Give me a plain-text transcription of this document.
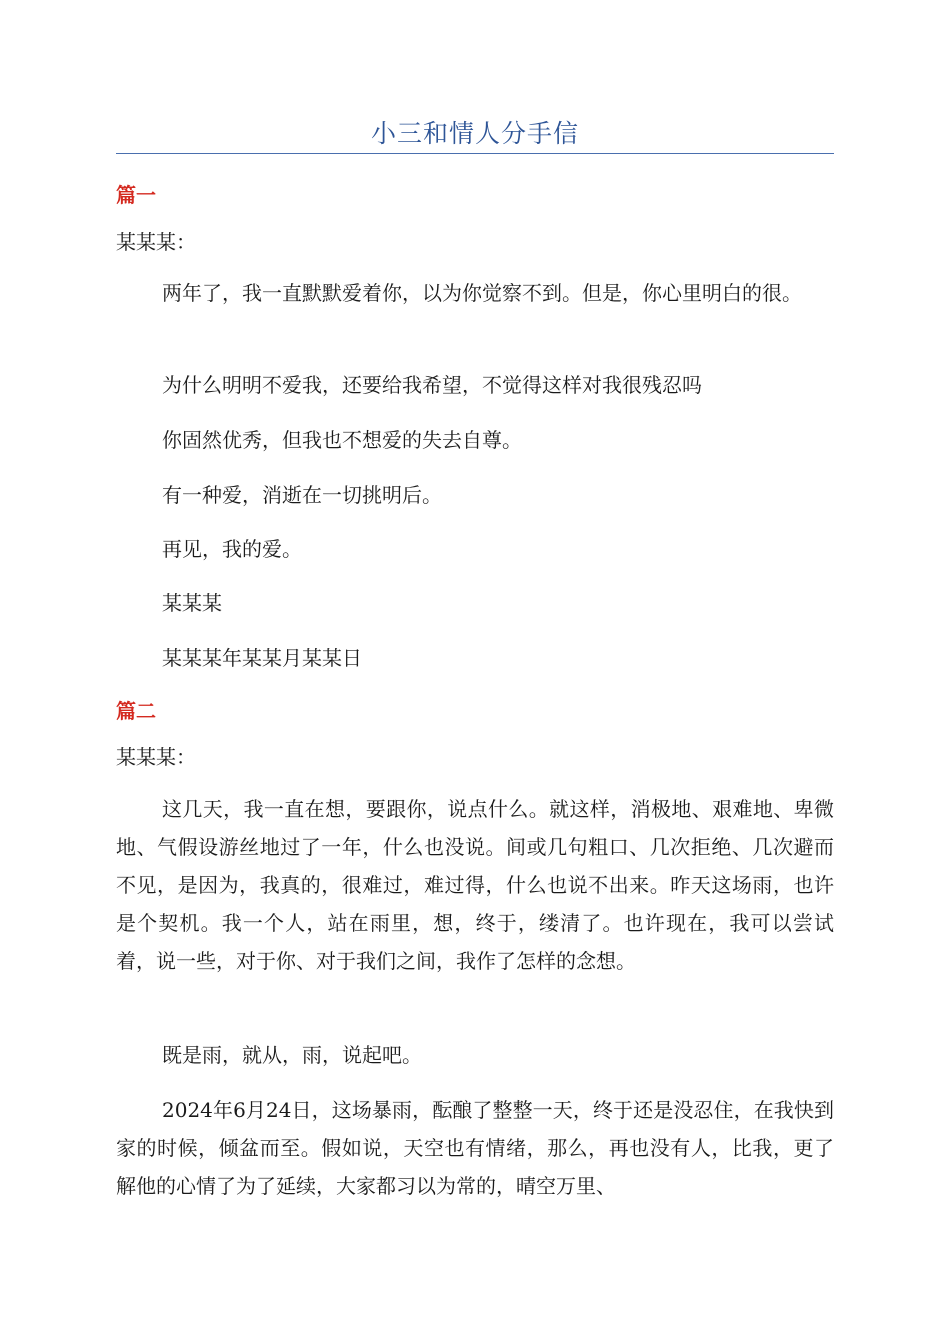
小三和情人分手信
篇一
某某某：

两年了，我一直默默爱着你，以为你觉察不到。但是，你心里明白的很。

为什么明明不爱我，还要给我希望，不觉得这样对我很残忍吗

你固然优秀，但我也不想爱的失去自尊。

有一种爱，消逝在一切挑明后。

再见，我的爱。

某某某
某某某年某某月某某日
篇二
某某某：

这几天，我一直在想，要跟你，说点什么。就这样，消极地、艰难地、卑微地、气假设游丝地过了一年，什么也没说。间或几句粗口、几次拒绝、几次避而不见，是因为，我真的，很难过，难过得，什么也说不出来。昨天这场雨，也许是个契机。我一个人，站在雨里，想，终于，缕清了。也许现在，我可以尝试着，说一些，对于你、对于我们之间，我作了怎样的念想。

既是雨，就从，雨，说起吧。

2024年6月24日，这场暴雨，酝酿了整整一天，终于还是没忍住，在我快到家的时候，倾盆而至。假如说，天空也有情绪，那么，再也没有人，比我，更了解他的心情了为了延续，大家都习以为常的，晴空万里、
